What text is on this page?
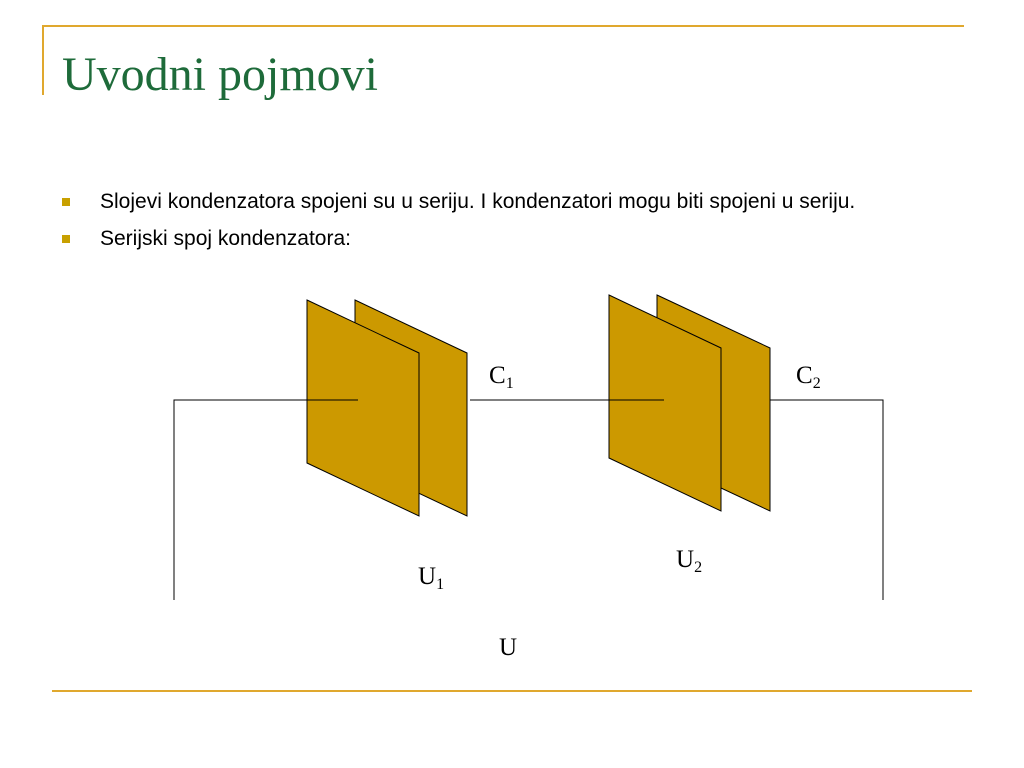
Uvodni pojmovi
Slojevi kondenzatora spojeni su u seriju. I kondenzatori mogu biti spojeni u seriju.
Serijski spoj kondenzatora:
$C_1$	$C_2$
$U_1$
$U_2$
U
